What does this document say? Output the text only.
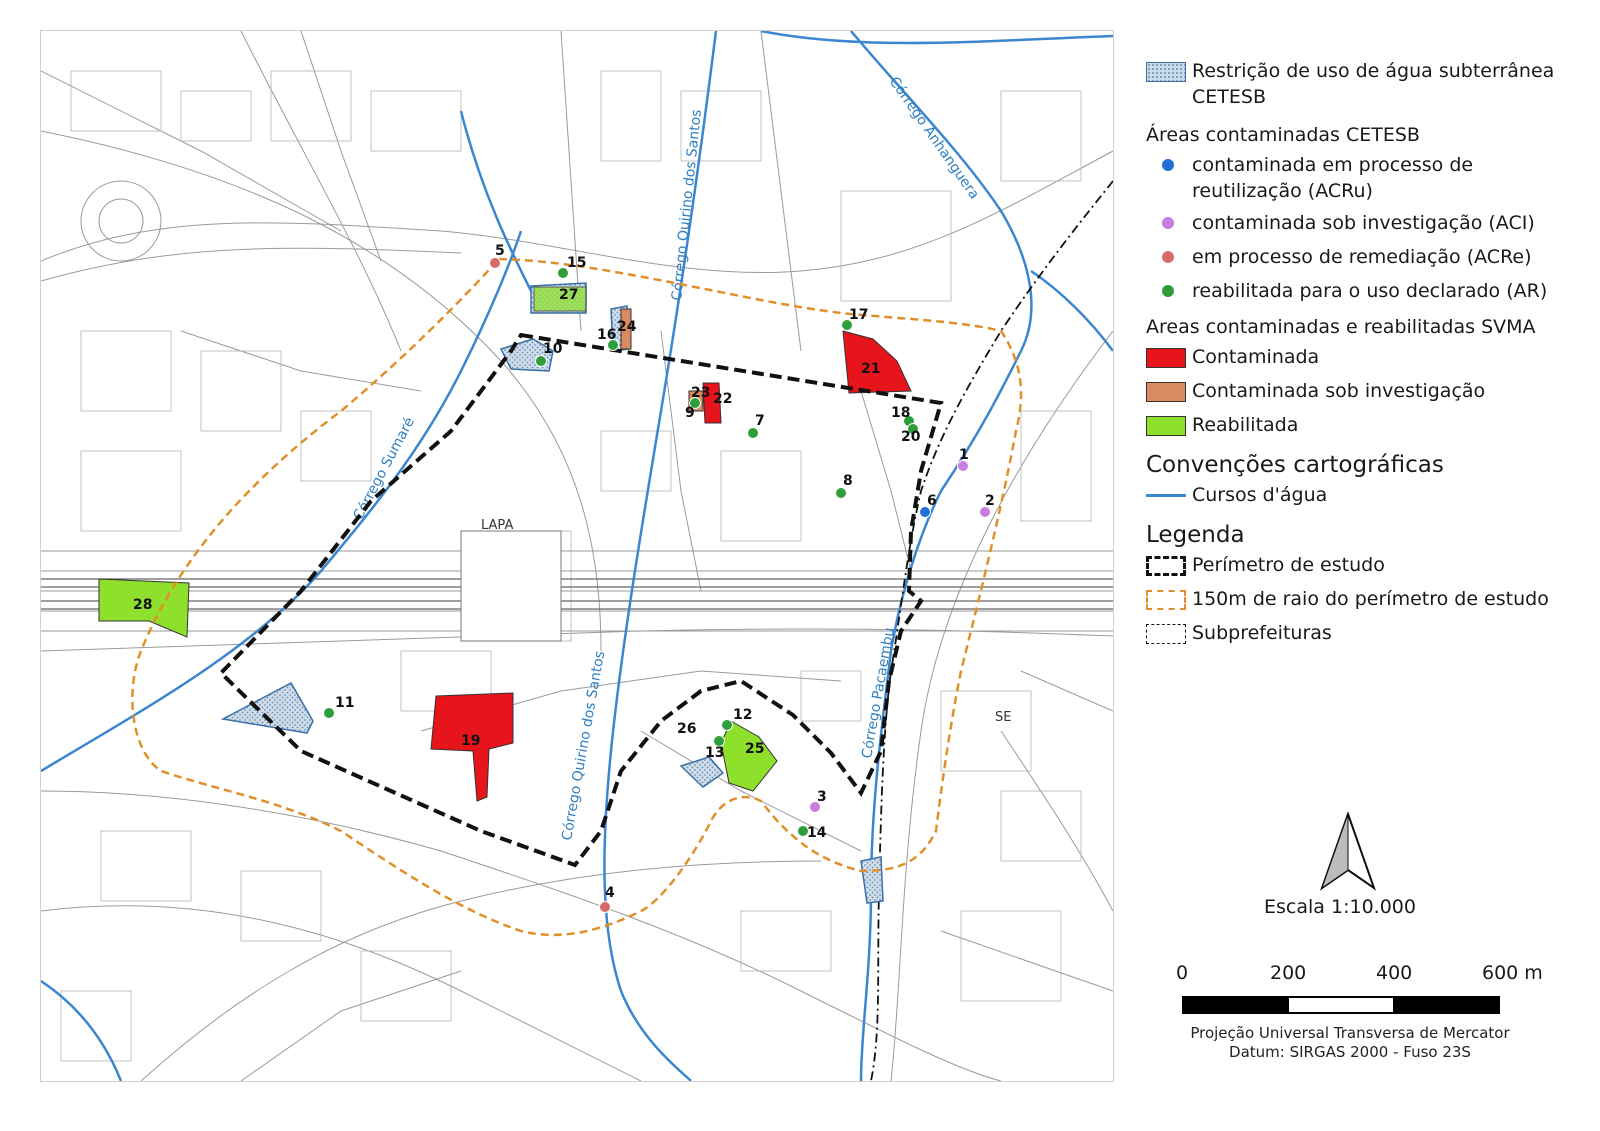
LAPA
SE
Córrego Sumaré
Córrego Quirino dos Santos
Córrego Quirino dos Santos
Córrego Anhanguera
Córrego Pacaembu
1
2
3
4
5
6
7
8
9
10
11
12
13
14
15
16
17
18
20
19
21
22
23
24
25
26
27
28
Restrição de uso de água subterrânea CETESB
Áreas contaminadas CETESB
contaminada em processo de reutilização (ACRu)
contaminada sob investigação (ACI)
em processo de remediação (ACRe)
reabilitada para o uso declarado (AR)
Areas contaminadas e reabilitadas SVMA
Contaminada
Contaminada sob investigação
Reabilitada
Convenções cartográficas
Cursos d'água
Legenda
Perímetro de estudo
150m de raio do perímetro de estudo
Subprefeituras
Escala 1:10.000
0	200	400	600 m
Projeção Universal Transversa de Mercator
Datum: SIRGAS 2000 - Fuso 23S
